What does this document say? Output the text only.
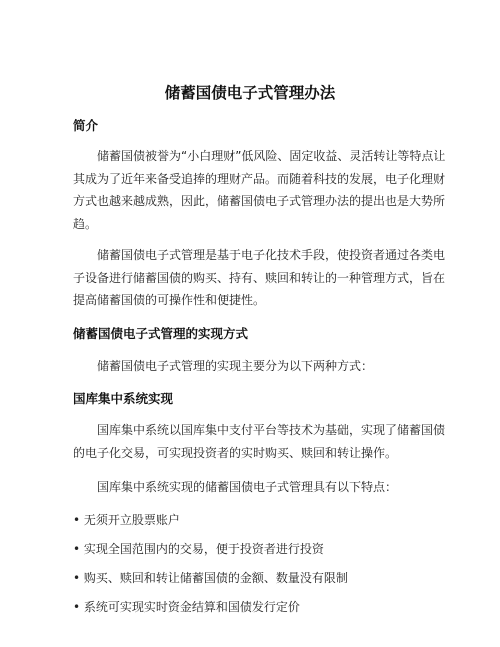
储蓄国债电子式管理办法
简介

储蓄国债被誉为“小白理财”低风险、固定收益、灵活转让等特点让
其成为了近年来备受追捧的理财产品。而随着科技的发展，电子化理财
方式也越来越成熟，因此，储蓄国债电子式管理办法的提出也是大势所
趋。

储蓄国债电子式管理是基于电子化技术手段，使投资者通过各类电
子设备进行储蓄国债的购买、持有、赎回和转让的一种管理方式，旨在
提高储蓄国债的可操作性和便捷性。

储蓄国债电子式管理的实现方式

储蓄国债电子式管理的实现主要分为以下两种方式：

国库集中系统实现

国库集中系统以国库集中支付平台等技术为基础，实现了储蓄国债
的电子化交易，可实现投资者的实时购买、赎回和转让操作。

国库集中系统实现的储蓄国债电子式管理具有以下特点：

• 无须开立股票账户

• 实现全国范围内的交易，便于投资者进行投资

• 购买、赎回和转让储蓄国债的金额、数量没有限制

• 系统可实现实时资金结算和国债发行定价
